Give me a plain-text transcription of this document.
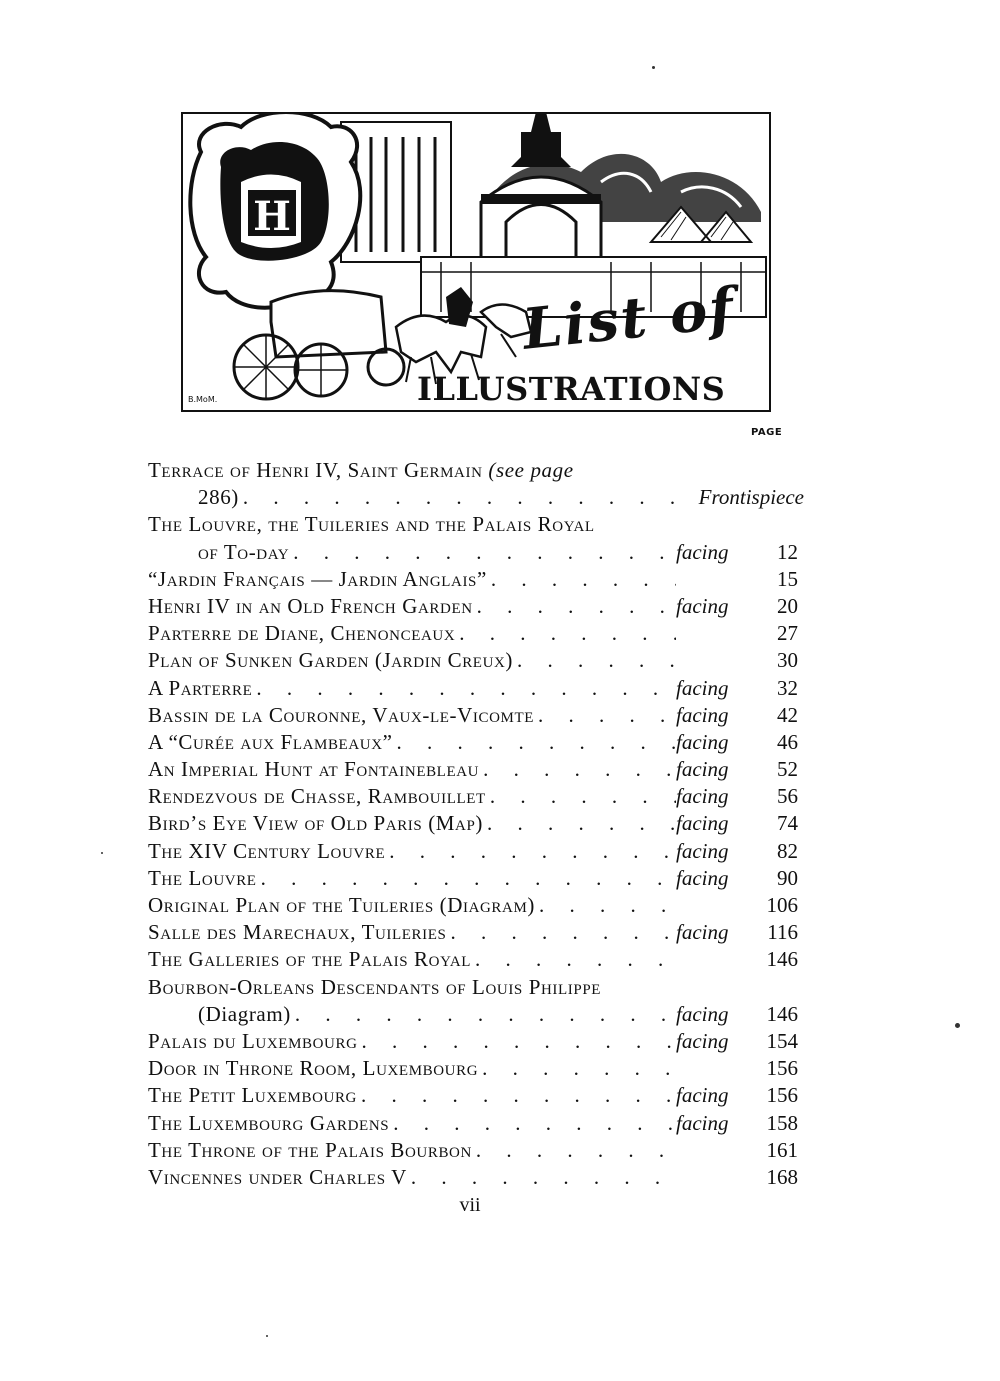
H
B.MoM.
List of
ILLUSTRATIONS
PAGE
Terrace of Henri IV, Saint Germain (see page
286) . . .	Frontispiece
The Louvre, the Tuileries and the Palais Royal
of To-day . . .	facing	12
“Jardin Français — Jardin Anglais” . . .	15
Henri IV in an Old French Garden . . .	facing	20
Parterre de Diane, Chenonceaux . . .	27
Plan of Sunken Garden (Jardin Creux) . . .	30
A Parterre . . .	facing	32
Bassin de la Couronne, Vaux-le-Vicomte . . .	facing	42
A “Curée aux Flambeaux” . . .	facing	46
An Imperial Hunt at Fontainebleau . . .	facing	52
Rendezvous de Chasse, Rambouillet . . .	facing	56
Bird’s Eye View of Old Paris (Map) . . .	facing	74
The XIV Century Louvre . . .	facing	82
The Louvre . . .	facing	90
Original Plan of the Tuileries (Diagram) . . .	106
Salle des Marechaux, Tuileries . . .	facing	116
The Galleries of the Palais Royal . . .	146
Bourbon-Orleans Descendants of Louis Philippe
(Diagram) . . .	facing	146
Palais du Luxembourg . . .	facing	154
Door in Throne Room, Luxembourg . . .	156
The Petit Luxembourg . . .	facing	156
The Luxembourg Gardens . . .	facing	158
The Throne of the Palais Bourbon . . .	161
Vincennes under Charles V . . .	168
vii
